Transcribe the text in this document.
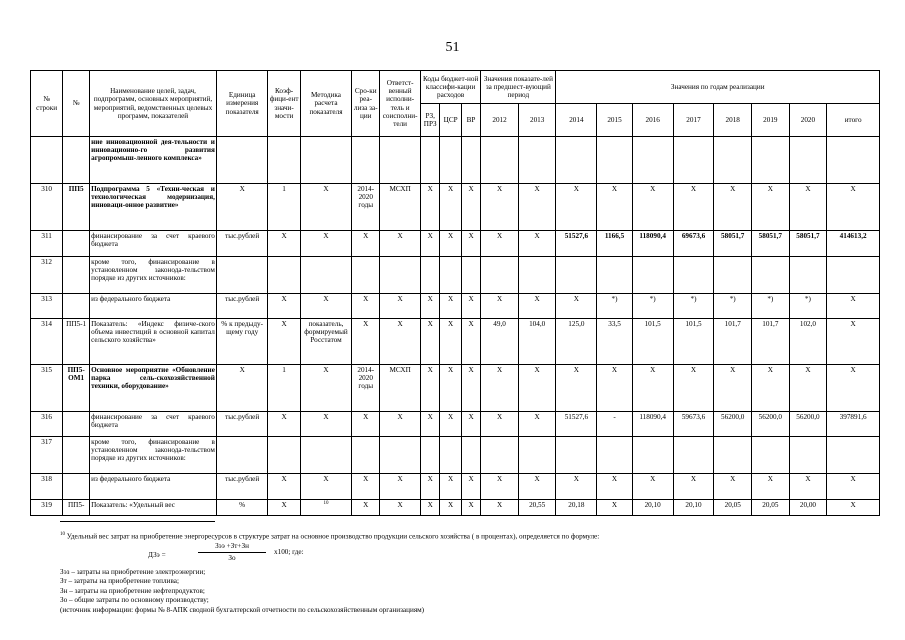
51
№ строки	№	Наименование целей, задач, подпрограмм, основных мероприятий, мероприятий, ведомственных целевых программ, показателей	Единица измерения показателя	Коэф-фици-ент значи-мости	Методика расчета показателя	Сро-ки реа-лиза за-ции	Ответст-венный исполни-тель и соисполни-тели	Коды бюджет-ной классифи-кации расходов			Значения показате-лей за предшест-вующий период		Значения по годам реализации							
								РЗ, ПРЗ	ЦСР	ВР	2012	2013	2014	2015	2016	2017	2018	2019	2020	итого
		ние инновационной дея-тельности и инновационно-го развития агропромыш-ленного комплекса»																		
310	ПП5	Подпрограмма 5 «Техни-ческая и технологическая модернизация, инноваци-онное развитие»	Х	1	Х	2014-2020 годы	МСХП	Х	Х	Х	Х	Х	Х	Х	Х	Х	Х	Х	Х	Х
311		финансирование за счет краевого бюджета	тыс.рублей	Х	Х	Х	Х	Х	Х	Х	Х	Х	51527,6	1166,5	118090,4	69673,6	58051,7	58051,7	58051,7	414613,2
312		кроме того, финансирование в установленном законода-тельством порядке из других источников:																		
313		из федерального бюджета	тыс.рублей	Х	Х	Х	Х	Х	Х	Х	Х	Х	Х	*)	*)	*)	*)	*)	*)	Х
314	ПП5-1	Показатель: «Индекс физиче-ского объема инвестиций в основной капитал сельского хозяйства»	% к предыду-щему году	Х	показатель, формируемый Росстатом	Х	Х	Х	Х	Х	49,0	104,0	125,0	33,5	101,5	101,5	101,7	101,7	102,0	Х
315	ПП5-ОМ1	Основное мероприятие «Обновление парка сель-скохозяйственной техники, оборудование»	Х	1	Х	2014-2020 годы	МСХП	Х	Х	Х	Х	Х	Х	Х	Х	Х	Х	Х	Х	Х
316		финансирование за счет краевого бюджета	тыс.рублей	Х	Х	Х	Х	Х	Х	Х	Х	Х	51527,6	-	118090,4	59673,6	56200,0	56200,0	56200,0	397891,6
317		кроме того, финансирование в установленном законода-тельством порядке из других источников:																		
318		из федерального бюджета	тыс.рублей	Х	Х	Х	Х	Х	Х	Х	Х	Х	Х	Х	Х	Х	Х	Х	Х	Х
319	ПП5-	Показатель: «Удельный вес	%	Х	$^{10}$	Х	Х	Х	Х	Х	Х	20,55	20,18	Х	20,10	20,10	20,05	20,05	20,00	Х
$^{10}$ Удельный вес затрат на приобретение энергоресурсов в структуре затрат на основное производство продукции сельского хозяйства ( в процентах), определяется по формуле:
ДЗэ =
Зээ +Зт+Зн
Зо
х100; где:
Зэз – затраты на приобретение электроэнергии;
Зт – затраты на приобретение топлива;
Зн – затраты на приобретение нефтепродуктов;
Зо – общие затраты по основному производству;
(источник информации: формы № 8-АПК сводной бухгалтерской отчетности по сельскохозяйственным организациям)
